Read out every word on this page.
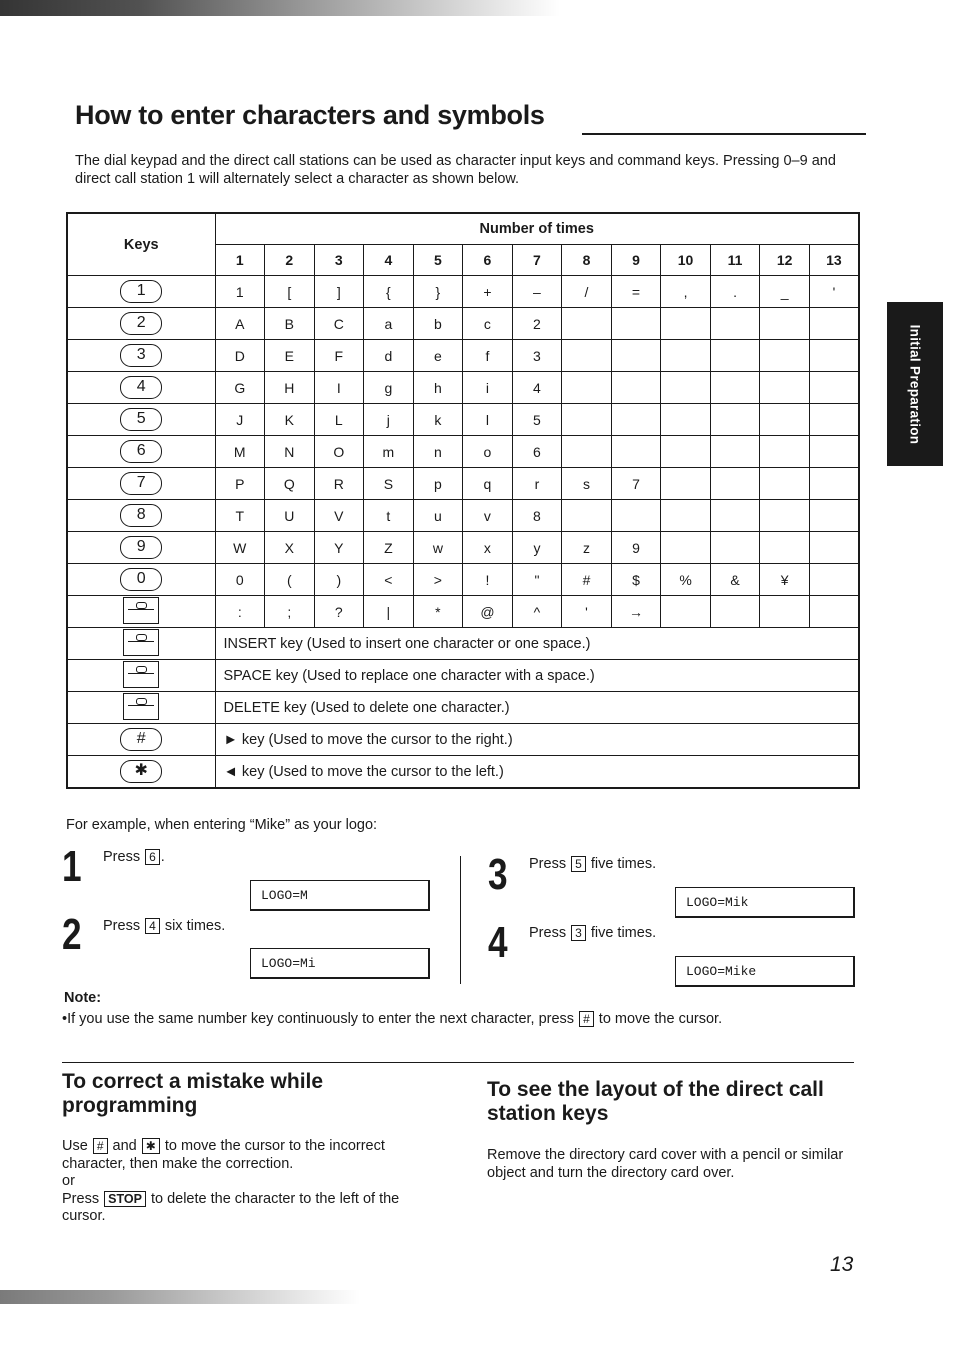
How to enter characters and symbols

The dial keypad and the direct call stations can be used as character input keys and command keys. Pressing 0–9 and direct call station 1 will alternately select a character as shown below.

Initial Preparation
Keys	Number of times												
	1	2	3	4	5	6	7	8	9	10	11	12	13
1	1	[	]	{	}	+	–	/	=	,	.	_	'
2	A	B	C	a	b	c	2						
3	D	E	F	d	e	f	3						
4	G	H	I	g	h	i	4						
5	J	K	L	j	k	l	5						
6	M	N	O	m	n	o	6						
7	P	Q	R	S	p	q	r	s	7				
8	T	U	V	t	u	v	8						
9	W	X	Y	Z	w	x	y	z	9				
0	0	(	)	<	>	!	"	#	$	%	&	¥	
	:	;	?	|	*	@	^	'	→				
	INSERT key (Used to insert one character or one space.)												
	SPACE key (Used to replace one character with a space.)												
	DELETE key (Used to delete one character.)												
#	► key (Used to move the cursor to the right.)												
✱	◄ key (Used to move the cursor to the left.)												

For example, when entering “Mike” as your logo:

1 Press 6 .
LOGO=M
2 Press 4 six times.
LOGO=Mi
3 Press 5 five times.
LOGO=Mik
4 Press 3 five times.
LOGO=Mike

Note:

•If you use the same number key continuously to enter the next character, press # to move the cursor.

To correct a mistake while programming
Use # and ✱ to move the cursor to the incorrect character, then make the correction.
or
Press STOP to delete the character to the left of the cursor.
To see the layout of the direct call station keys

Remove the directory card cover with a pencil or similar object and turn the directory card over.

13
